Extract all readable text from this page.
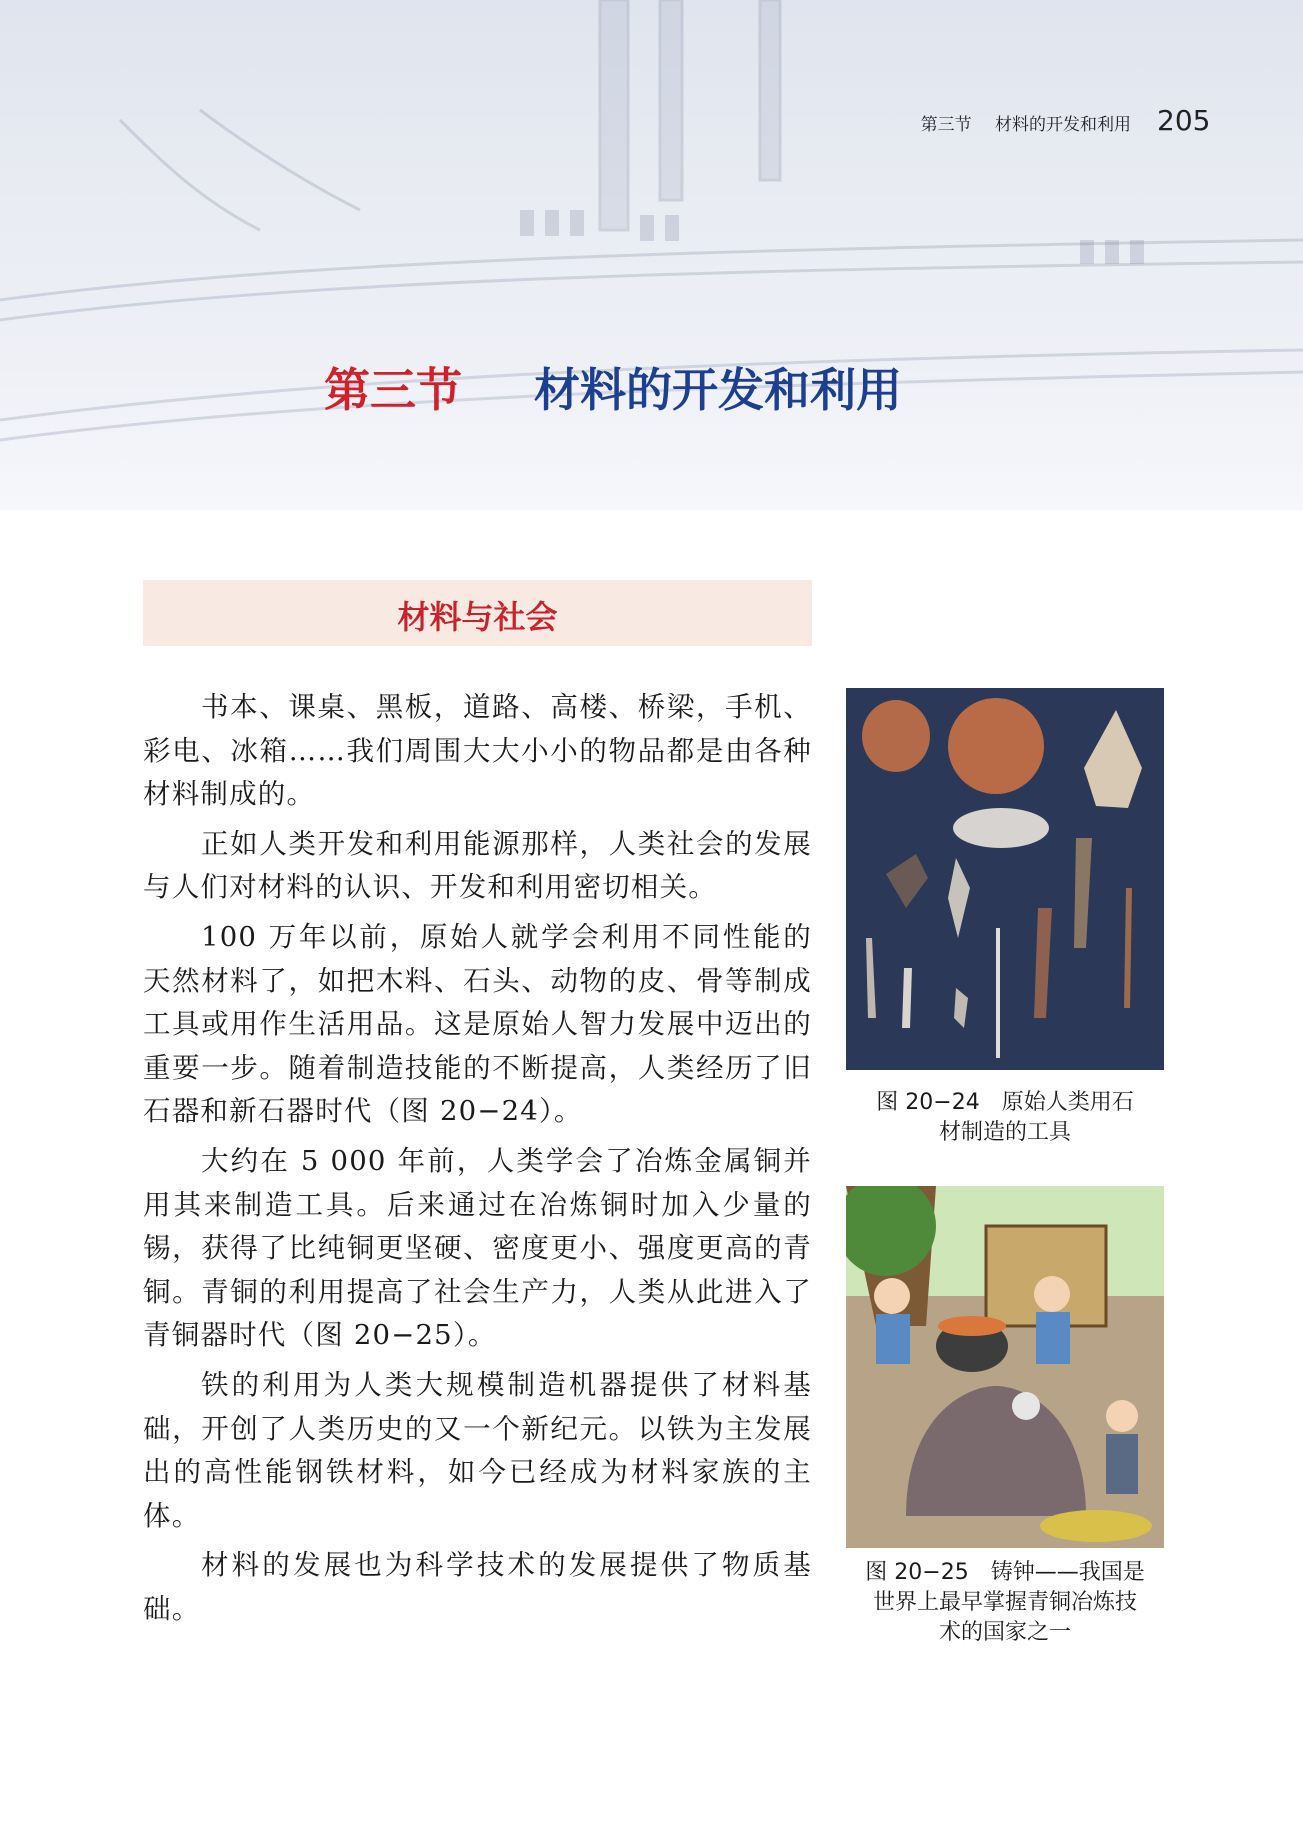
第三节 材料的开发和利用 205
第三节 材料的开发和利用
材料与社会

书本、课桌、黑板，道路、高楼、桥梁，手机、彩电、冰箱……我们周围大大小小的物品都是由各种材料制成的。

正如人类开发和利用能源那样，人类社会的发展与人们对材料的认识、开发和利用密切相关。

100 万年以前，原始人就学会利用不同性能的天然材料了，如把木料、石头、动物的皮、骨等制成工具或用作生活用品。这是原始人智力发展中迈出的重要一步。随着制造技能的不断提高，人类经历了旧石器和新石器时代（图 20−24）。

大约在 5 000 年前，人类学会了冶炼金属铜并用其来制造工具。后来通过在冶炼铜时加入少量的锡，获得了比纯铜更坚硬、密度更小、强度更高的青铜。青铜的利用提高了社会生产力，人类从此进入了青铜器时代（图 20−25）。

铁的利用为人类大规模制造机器提供了材料基础，开创了人类历史的又一个新纪元。以铁为主发展出的高性能钢铁材料，如今已经成为材料家族的主体。

材料的发展也为科学技术的发展提供了物质基础。

图 20−24　原始人类用石
材制造的工具
图 20−25　铸钟——我国是
世界上最早掌握青铜冶炼技
术的国家之一
